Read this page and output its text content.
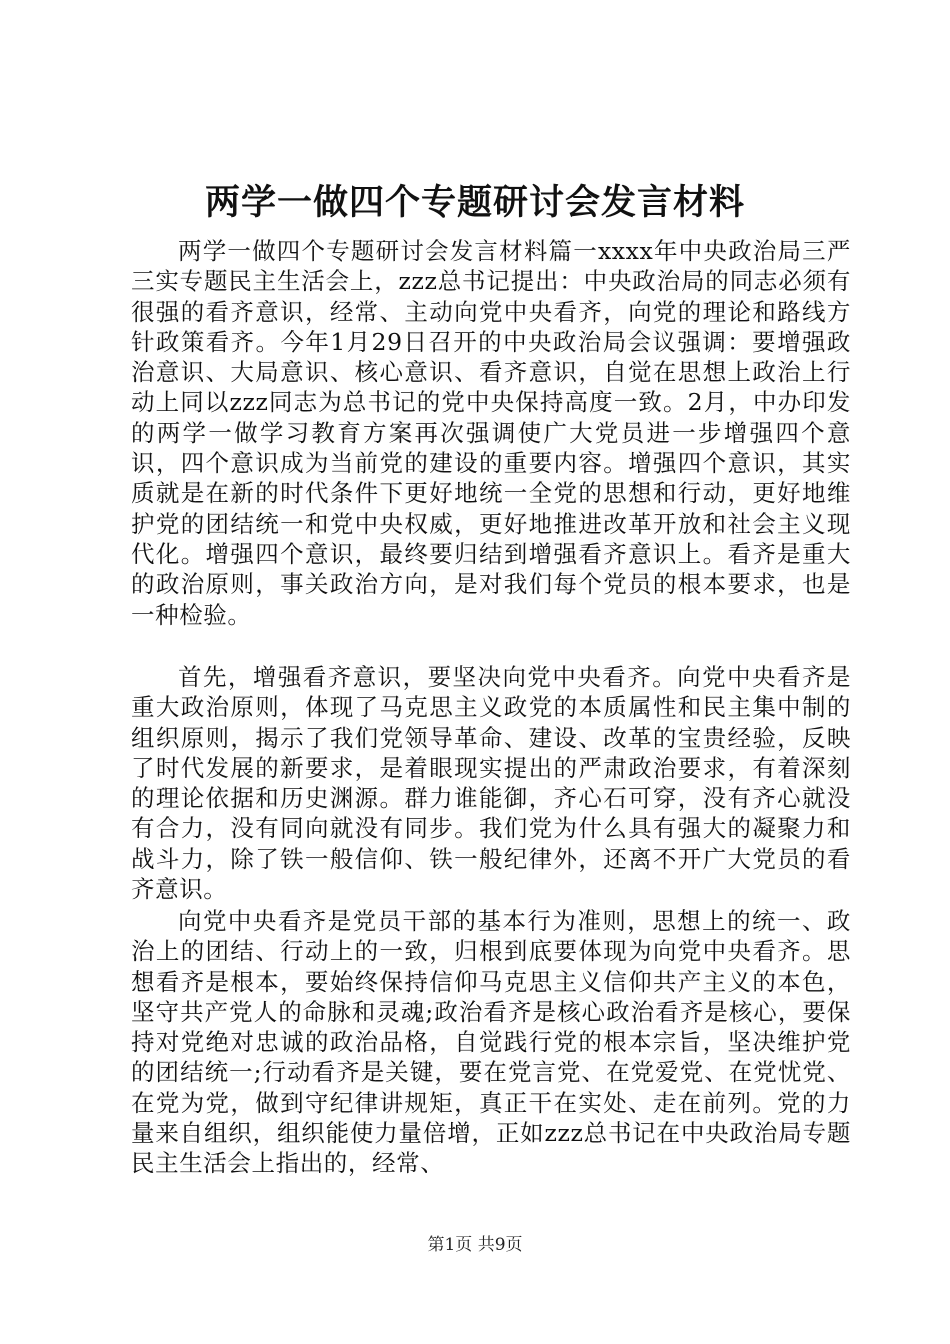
两学一做四个专题研讨会发言材料

两学一做四个专题研讨会发言材料篇一xxxx年中央政治局三严三实专题民主生活会上，zzz总书记提出：中央政治局的同志必须有很强的看齐意识，经常、主动向党中央看齐，向党的理论和路线方针政策看齐。今年1月29日召开的中央政治局会议强调：要增强政治意识、大局意识、核心意识、看齐意识，自觉在思想上政治上行动上同以zzz同志为总书记的党中央保持高度一致。2月，中办印发的两学一做学习教育方案再次强调使广大党员进一步增强四个意识，四个意识成为当前党的建设的重要内容。增强四个意识，其实质就是在新的时代条件下更好地统一全党的思想和行动，更好地维护党的团结统一和党中央权威，更好地推进改革开放和社会主义现代化。增强四个意识，最终要归结到增强看齐意识上。看齐是重大的政治原则，事关政治方向，是对我们每个党员的根本要求，也是一种检验。

首先，增强看齐意识，要坚决向党中央看齐。向党中央看齐是重大政治原则，体现了马克思主义政党的本质属性和民主集中制的组织原则，揭示了我们党领导革命、建设、改革的宝贵经验，反映了时代发展的新要求，是着眼现实提出的严肃政治要求，有着深刻的理论依据和历史渊源。群力谁能御，齐心石可穿，没有齐心就没有合力，没有同向就没有同步。我们党为什么具有强大的凝聚力和战斗力，除了铁一般信仰、铁一般纪律外，还离不开广大党员的看齐意识。

向党中央看齐是党员干部的基本行为准则，思想上的统一、政治上的团结、行动上的一致，归根到底要体现为向党中央看齐。思想看齐是根本，要始终保持信仰马克思主义信仰共产主义的本色，坚守共产党人的命脉和灵魂;政治看齐是核心政治看齐是核心，要保持对党绝对忠诚的政治品格，自觉践行党的根本宗旨，坚决维护党的团结统一;行动看齐是关键，要在党言党、在党爱党、在党忧党、在党为党，做到守纪律讲规矩，真正干在实处、走在前列。党的力量来自组织，组织能使力量倍增，正如zzz总书记在中央政治局专题民主生活会上指出的，经常、

第1页 共9页
